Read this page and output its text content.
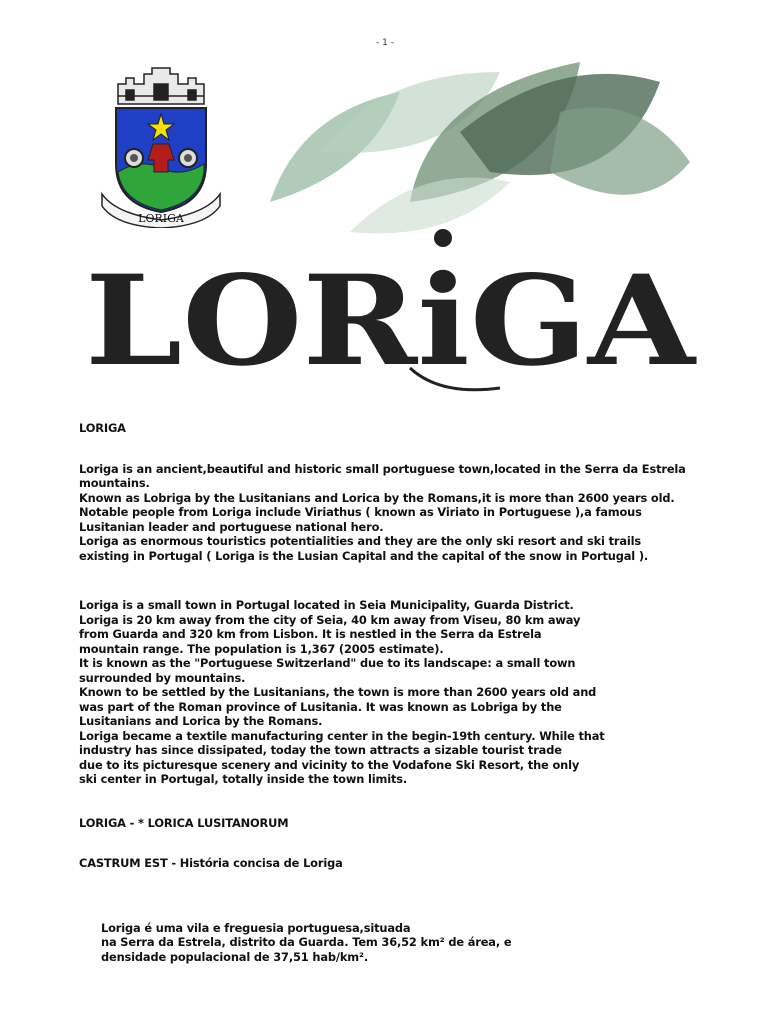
- 1 -
LORIGA
LORiGA

LORIGA

Loriga is an ancient,beautiful and historic small portuguese town,located in the Serra da Estrela
mountains.
Known as Lobriga by the Lusitanians and Lorica by the Romans,it is more than 2600 years old.
Notable people from Loriga include Viriathus ( known as Viriato in Portuguese ),a famous
Lusitanian leader and portuguese national hero.
Loriga as enormous touristics potentialities and they are the only ski resort and ski trails
existing in Portugal ( Loriga is the Lusian Capital and the capital of the snow in Portugal ).

Loriga is a small town in Portugal located in Seia Municipality, Guarda District.
Loriga is 20 km away from the city of Seia, 40 km away from Viseu, 80 km away
from Guarda and 320 km from Lisbon. It is nestled in the Serra da Estrela
mountain range. The population is 1,367 (2005 estimate).
It is known as the "Portuguese Switzerland" due to its landscape: a small town
surrounded by mountains.
Known to be settled by the Lusitanians, the town is more than 2600 years old and
was part of the Roman province of Lusitania. It was known as Lobriga by the
Lusitanians and Lorica by the Romans.
Loriga became a textile manufacturing center in the begin-19th century. While that
industry has since dissipated, today the town attracts a sizable tourist trade
due to its picturesque scenery and vicinity to the Vodafone Ski Resort, the only
ski center in Portugal, totally inside the town limits.

LORIGA - * LORICA LUSITANORUM

CASTRUM EST - História concisa de Loriga

Loriga é uma vila e freguesia portuguesa,situada
na Serra da Estrela, distrito da Guarda. Tem 36,52 km² de área, e
densidade populacional de 37,51 hab/km².
